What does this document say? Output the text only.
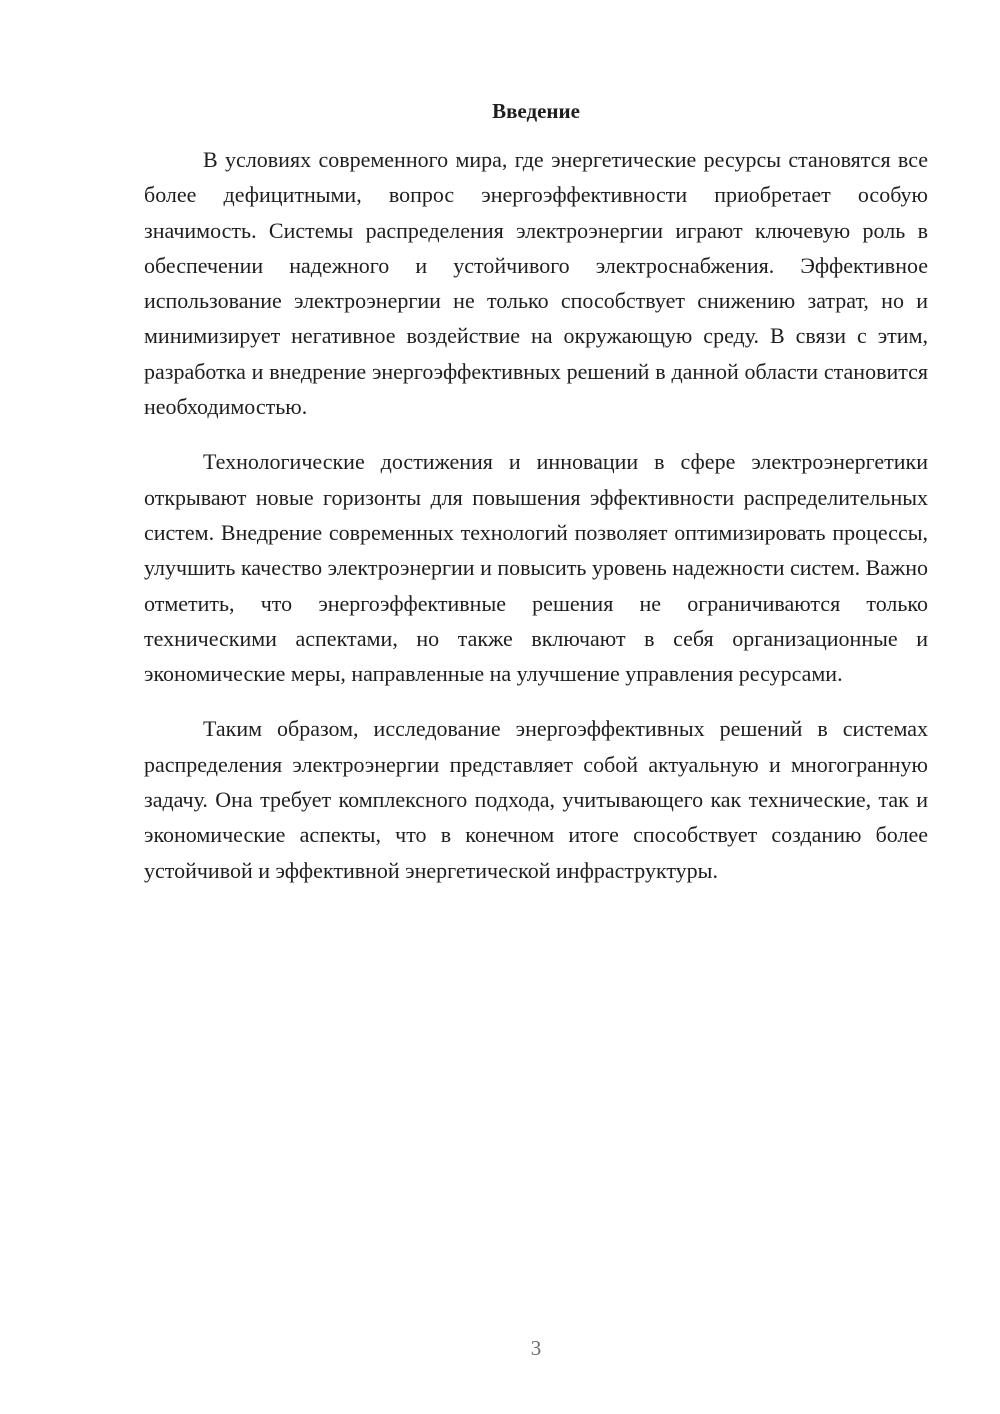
Введение

В условиях современного мира, где энергетические ресурсы становятся все более дефицитными, вопрос энергоэффективности приобретает особую значимость. Системы распределения электроэнергии играют ключевую роль в обеспечении надежного и устойчивого электроснабжения. Эффективное использование электроэнергии не только способствует снижению затрат, но и минимизирует негативное воздействие на окружающую среду. В связи с этим, разработка и внедрение энергоэффективных решений в данной области становится необходимостью.

Технологические достижения и инновации в сфере электроэнергетики открывают новые горизонты для повышения эффективности распределительных систем. Внедрение современных технологий позволяет оптимизировать процессы, улучшить качество электроэнергии и повысить уровень надежности систем. Важно отметить, что энергоэффективные решения не ограничиваются только техническими аспектами, но также включают в себя организационные и экономические меры, направленные на улучшение управления ресурсами.

Таким образом, исследование энергоэффективных решений в системах распределения электроэнергии представляет собой актуальную и многогранную задачу. Она требует комплексного подхода, учитывающего как технические, так и экономические аспекты, что в конечном итоге способствует созданию более устойчивой и эффективной энергетической инфраструктуры.

3
